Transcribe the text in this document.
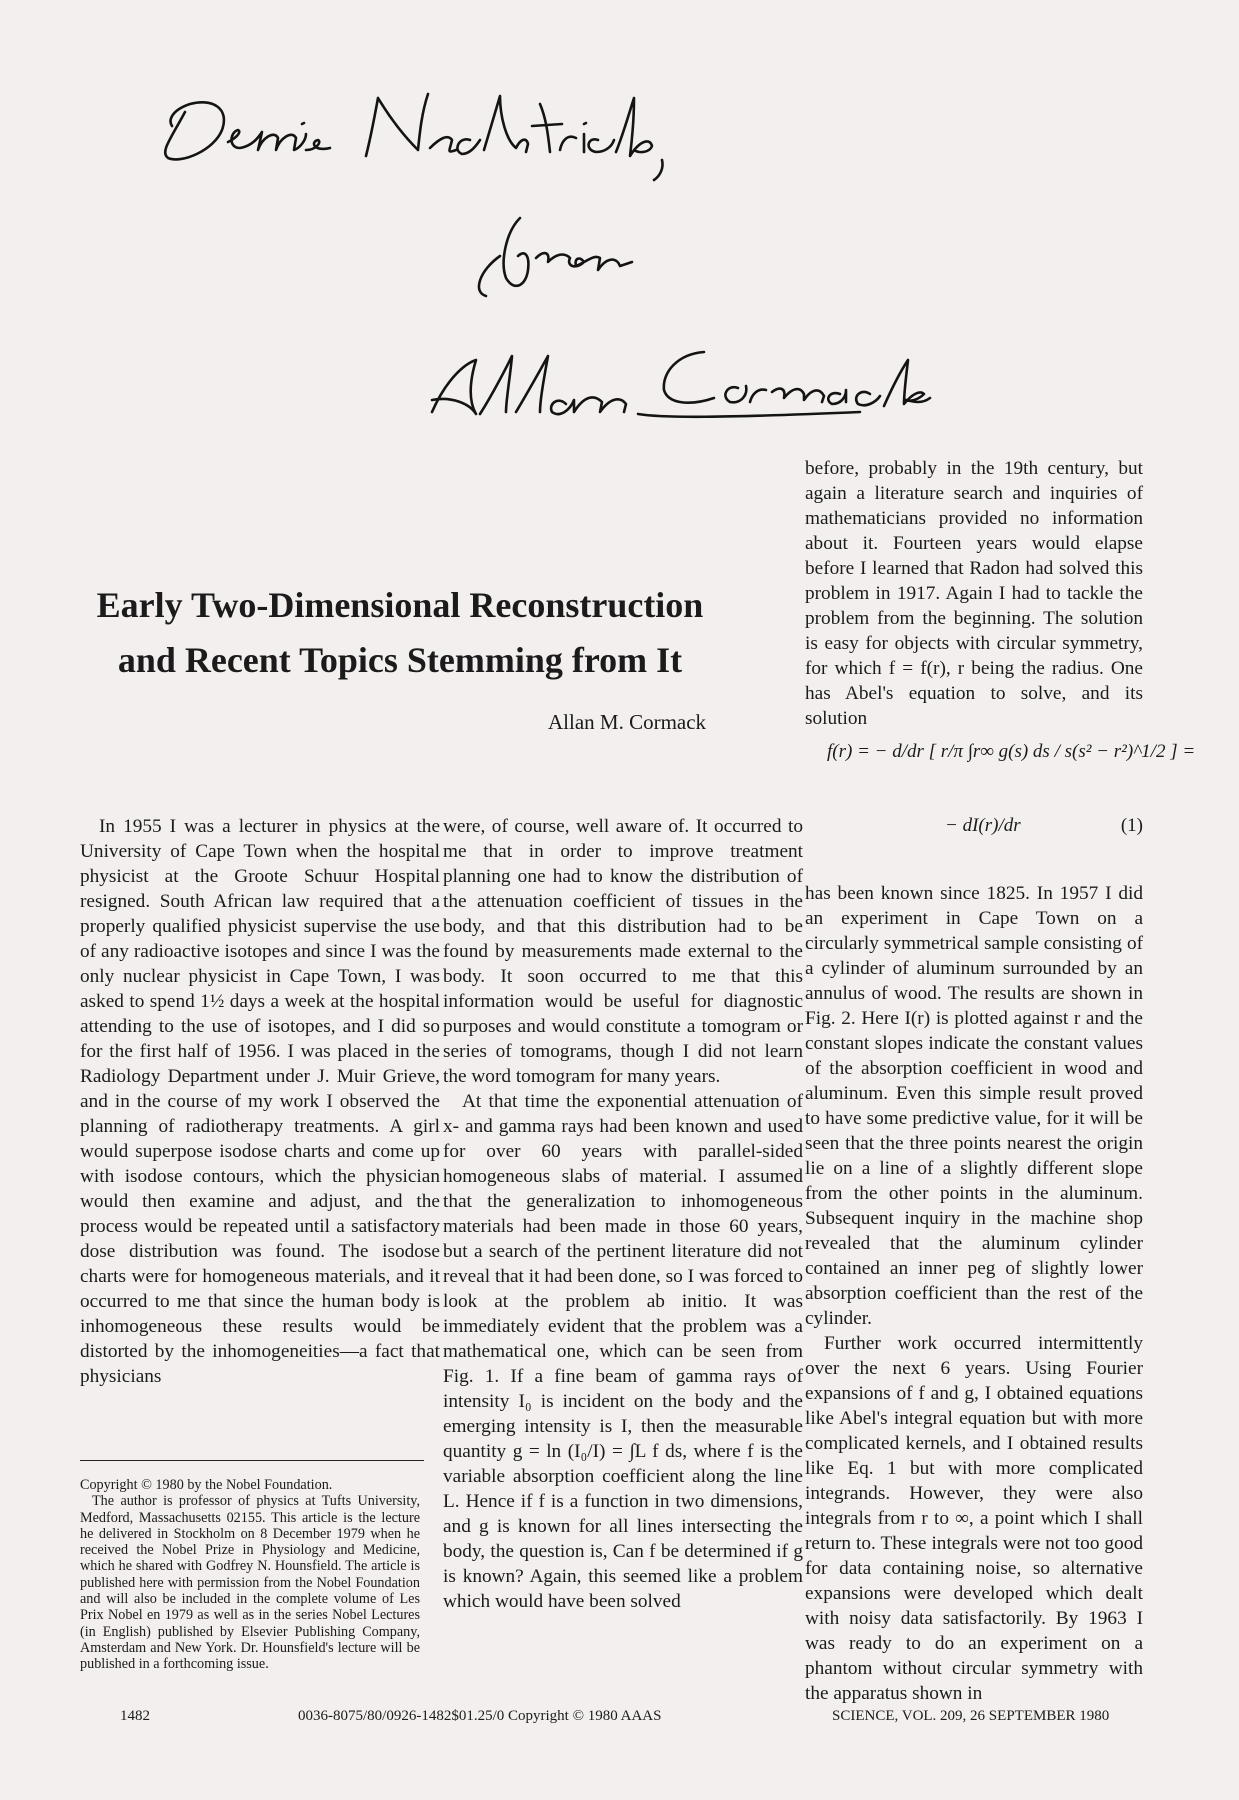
Early Two-Dimensional Reconstruction
and Recent Topics Stemming from It
Allan M. Cormack

In 1955 I was a lecturer in physics at the University of Cape Town when the hospital physicist at the Groote Schuur Hospital resigned. South African law required that a properly qualified physicist supervise the use of any radioactive isotopes and since I was the only nuclear physicist in Cape Town, I was asked to spend 1½ days a week at the hospital attending to the use of isotopes, and I did so for the first half of 1956. I was placed in the Radiology Department under J. Muir Grieve, and in the course of my work I observed the planning of radiotherapy treatments. A girl would superpose isodose charts and come up with isodose contours, which the physician would then examine and adjust, and the process would be repeated until a satisfactory dose distribution was found. The isodose charts were for homogeneous materials, and it occurred to me that since the human body is inhomogeneous these results would be distorted by the inhomogeneities—a fact that physicians

were, of course, well aware of. It occurred to me that in order to improve treatment planning one had to know the distribution of the attenuation coefficient of tissues in the body, and that this distribution had to be found by measurements made external to the body. It soon occurred to me that this information would be useful for diagnostic purposes and would constitute a tomogram or series of tomograms, though I did not learn the word tomogram for many years.

At that time the exponential attenuation of x- and gamma rays had been known and used for over 60 years with parallel-sided homogeneous slabs of material. I assumed that the generalization to inhomogeneous materials had been made in those 60 years, but a search of the pertinent literature did not reveal that it had been done, so I was forced to look at the problem ab initio. It was immediately evident that the problem was a mathematical one, which can be seen from Fig. 1. If a fine beam of gamma rays of intensity I₀ is incident on the body and the emerging intensity is I, then the measurable quantity g = ln (I₀/I) = ∫L f ds, where f is the variable absorption coefficient along the line L. Hence if f is a function in two dimensions, and g is known for all lines intersecting the body, the question is, Can f be determined if g is known? Again, this seemed like a problem which would have been solved

before, probably in the 19th century, but again a literature search and inquiries of mathematicians provided no information about it. Fourteen years would elapse before I learned that Radon had solved this problem in 1917. Again I had to tackle the problem from the beginning. The solution is easy for objects with circular symmetry, for which f = f(r), r being the radius. One has Abel's equation to solve, and its solution

f(r) = − d/dr [ r/π ∫r∞ g(s) ds / s(s² − r²)^1/2 ] =
− dI(r)/dr	(1)

has been known since 1825. In 1957 I did an experiment in Cape Town on a circularly symmetrical sample consisting of a cylinder of aluminum surrounded by an annulus of wood. The results are shown in Fig. 2. Here I(r) is plotted against r and the constant slopes indicate the constant values of the absorption coefficient in wood and aluminum. Even this simple result proved to have some predictive value, for it will be seen that the three points nearest the origin lie on a line of a slightly different slope from the other points in the aluminum. Subsequent inquiry in the machine shop revealed that the aluminum cylinder contained an inner peg of slightly lower absorption coefficient than the rest of the cylinder.

Further work occurred intermittently over the next 6 years. Using Fourier expansions of f and g, I obtained equations like Abel's integral equation but with more complicated kernels, and I obtained results like Eq. 1 but with more complicated integrands. However, they were also integrals from r to ∞, a point which I shall return to. These integrals were not too good for data containing noise, so alternative expansions were developed which dealt with noisy data satisfactorily. By 1963 I was ready to do an experiment on a phantom without circular symmetry with the apparatus shown in

Copyright © 1980 by the Nobel Foundation.

The author is professor of physics at Tufts University, Medford, Massachusetts 02155. This article is the lecture he delivered in Stockholm on 8 December 1979 when he received the Nobel Prize in Physiology and Medicine, which he shared with Godfrey N. Hounsfield. The article is published here with permission from the Nobel Foundation and will also be included in the complete volume of Les Prix Nobel en 1979 as well as in the series Nobel Lectures (in English) published by Elsevier Publishing Company, Amsterdam and New York. Dr. Hounsfield's lecture will be published in a forthcoming issue.

1482	0036-8075/80/0926-1482$01.25/0 Copyright © 1980 AAAS	SCIENCE, VOL. 209, 26 SEPTEMBER 1980
